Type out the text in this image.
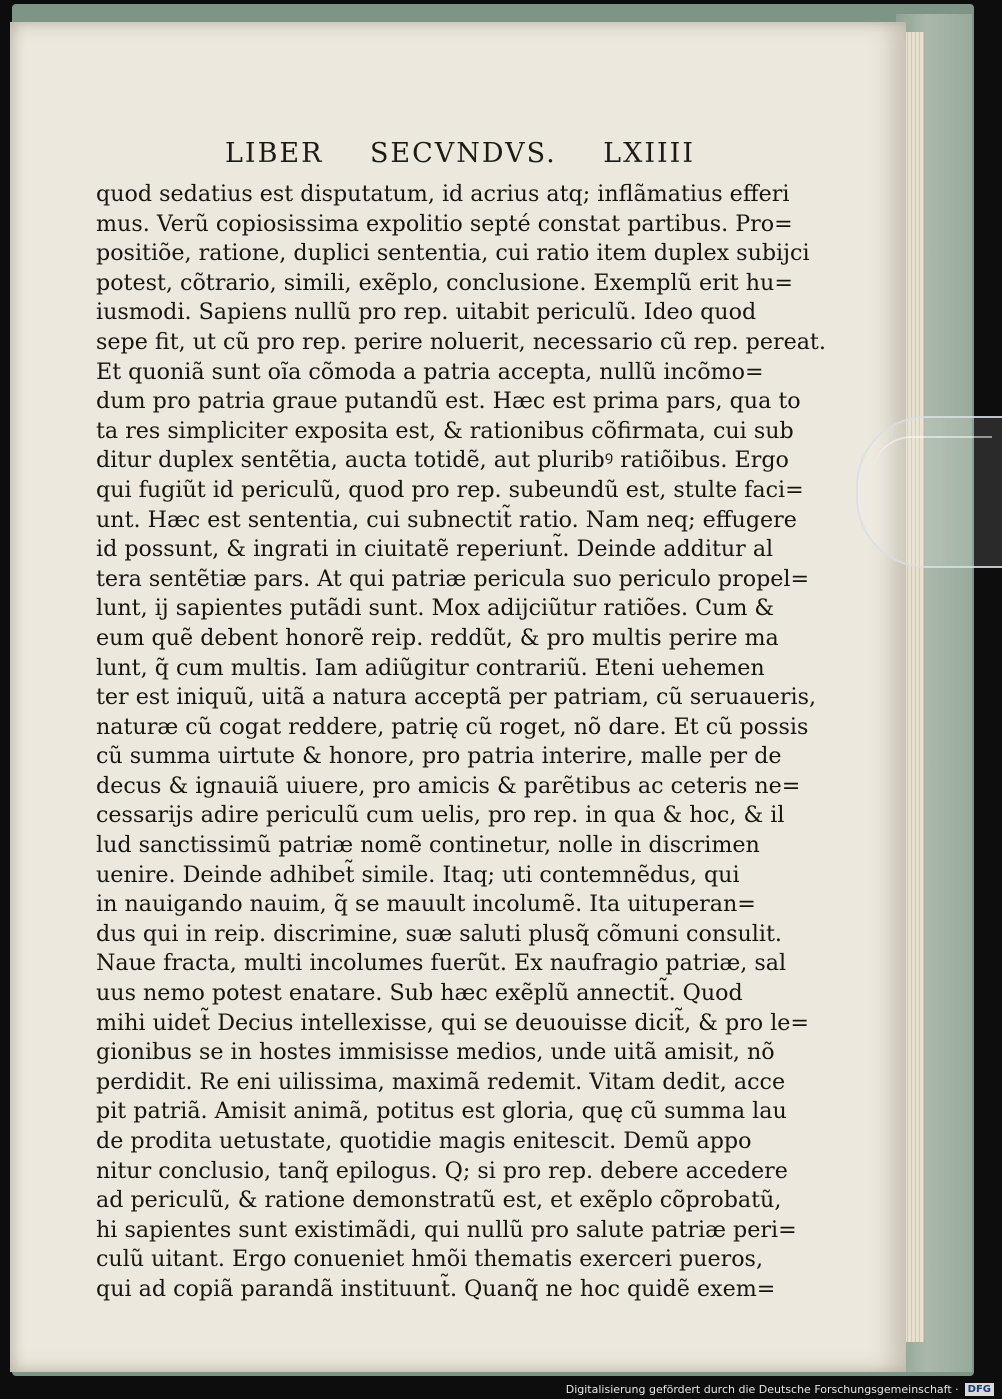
LIBER SECVNDVS. LXIIII
quod sedatius est disputatum, id acrius atq; inflãmatius efferi
mus. Verũ copiosissima expolitio septé constat partibus. Pro=
positiõe, ratione, duplici sententia, cui ratio item duplex subijci
potest, cõtrario, simili, exẽplo, conclusione. Exemplũ erit hu=
iusmodi. Sapiens nullũ pro rep. uitabit periculũ. Ideo quod
sepe fit, ut cũ pro rep. perire noluerit, necessario cũ rep. pereat.
Et quoniã sunt oĩa cõmoda a patria accepta, nullũ incõmo=
dum pro patria graue putandũ est. Hæc est prima pars, qua to
ta res simpliciter exposita est, & rationibus cõfirmata, cui sub
ditur duplex sentẽtia, aucta totidẽ, aut pluribꝰ ratiõibus. Ergo
qui fugiũt id periculũ, quod pro rep. subeundũ est, stulte faci=
unt. Hæc est sententia, cui subnectit̃ ratio. Nam neq; effugere
id possunt, & ingrati in ciuitatẽ reperiunt̃. Deinde additur al
tera sentẽtiæ pars. At qui patriæ pericula suo periculo propel=
lunt, ij sapientes putãdi sunt. Mox adijciũtur ratiões. Cum &
eum quẽ debent honorẽ reip. reddũt, & pro multis perire ma
lunt, q̃ cum multis. Iam adiũgitur contrariũ. Eteni uehemen
ter est iniquũ, uitã a natura acceptã per patriam, cũ seruaueris,
naturæ cũ cogat reddere, patrię cũ roget, nõ dare. Et cũ possis
cũ summa uirtute & honore, pro patria interire, malle per de
decus & ignauiã uiuere, pro amicis & parẽtibus ac ceteris ne=
cessarijs adire periculũ cum uelis, pro rep. in qua & hoc, & il
lud sanctissimũ patriæ nomẽ continetur, nolle in discrimen
uenire. Deinde adhibet̃ simile. Itaq; uti contemnẽdus, qui
in nauigando nauim, q̃ se mauult incolumẽ. Ita uituperan=
dus qui in reip. discrimine, suæ saluti plusq̃ cõmuni consulit.
Naue fracta, multi incolumes fuerũt. Ex naufragio patriæ, sal
uus nemo potest enatare. Sub hæc exẽplũ annectit̃. Quod
mihi uidet̃ Decius intellexisse, qui se deuouisse dicit̃, & pro le=
gionibus se in hostes immisisse medios, unde uitã amisit, nõ
perdidit. Re eni uilissima, maximã redemit. Vitam dedit, acce
pit patriã. Amisit animã, potitus est gloria, quę cũ summa lau
de prodita uetustate, quotidie magis enitescit. Demũ appo
nitur conclusio, tanq̃ epilogus. Q; si pro rep. debere accedere
ad periculũ, & ratione demonstratũ est, et exẽplo cõprobatũ,
hi sapientes sunt existimãdi, qui nullũ pro salute patriæ peri=
culũ uitant. Ergo conueniet hmõi thematis exerceri pueros,
qui ad copiã parandã instituunt̃. Quanq̃ ne hoc quidẽ exem=
Digitalisierung gefördert durch die Deutsche Forschungsgemeinschaft · DFG
